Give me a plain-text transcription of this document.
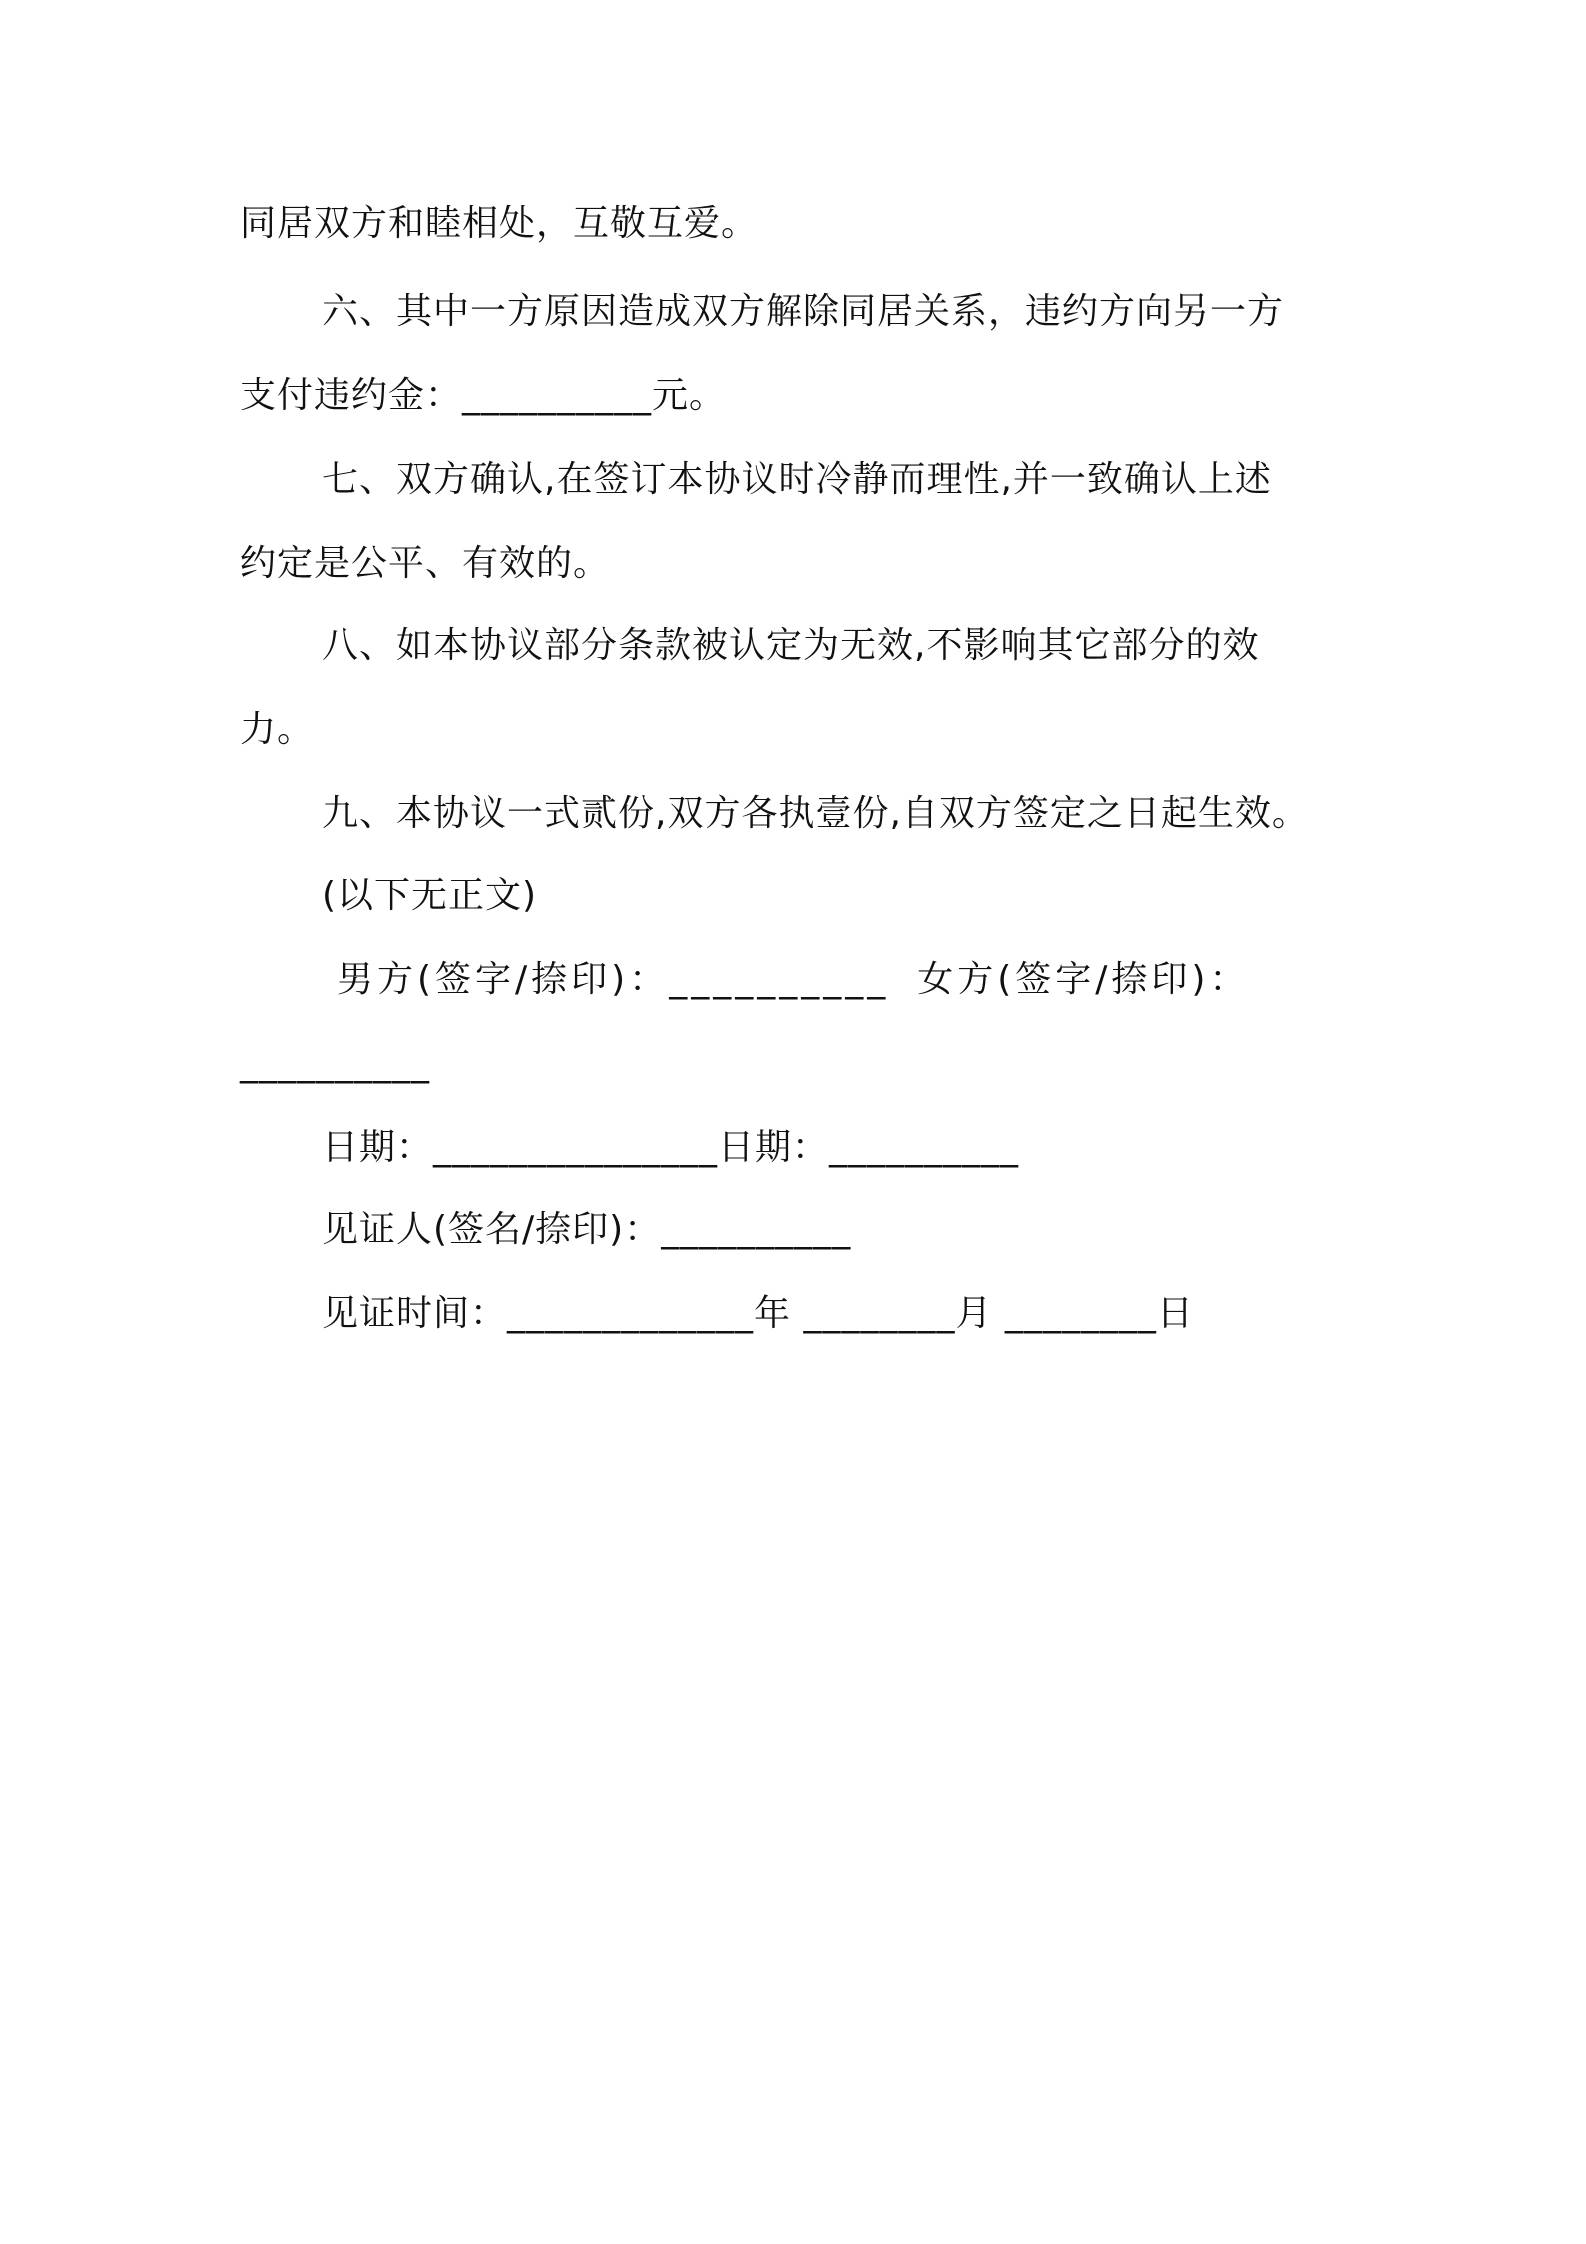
同居双方和睦相处，互敬互爱。
六、其中一方原因造成双方解除同居关系，违约方向另一方
支付违约金：__________元。
七、双方确认,在签订本协议时冷静而理性,并一致确认上述
约定是公平、有效的。
八、如本协议部分条款被认定为无效,不影响其它部分的效
力。
九、本协议一式贰份,双方各执壹份,自双方签定之日起生效。
(以下无正文)
男方(签字/捺印)：__________ 女方(签字/捺印)：
__________
日期：_______________日期：__________
见证人(签名/捺印)：__________
见证时间：_____________年 ________月 ________日
